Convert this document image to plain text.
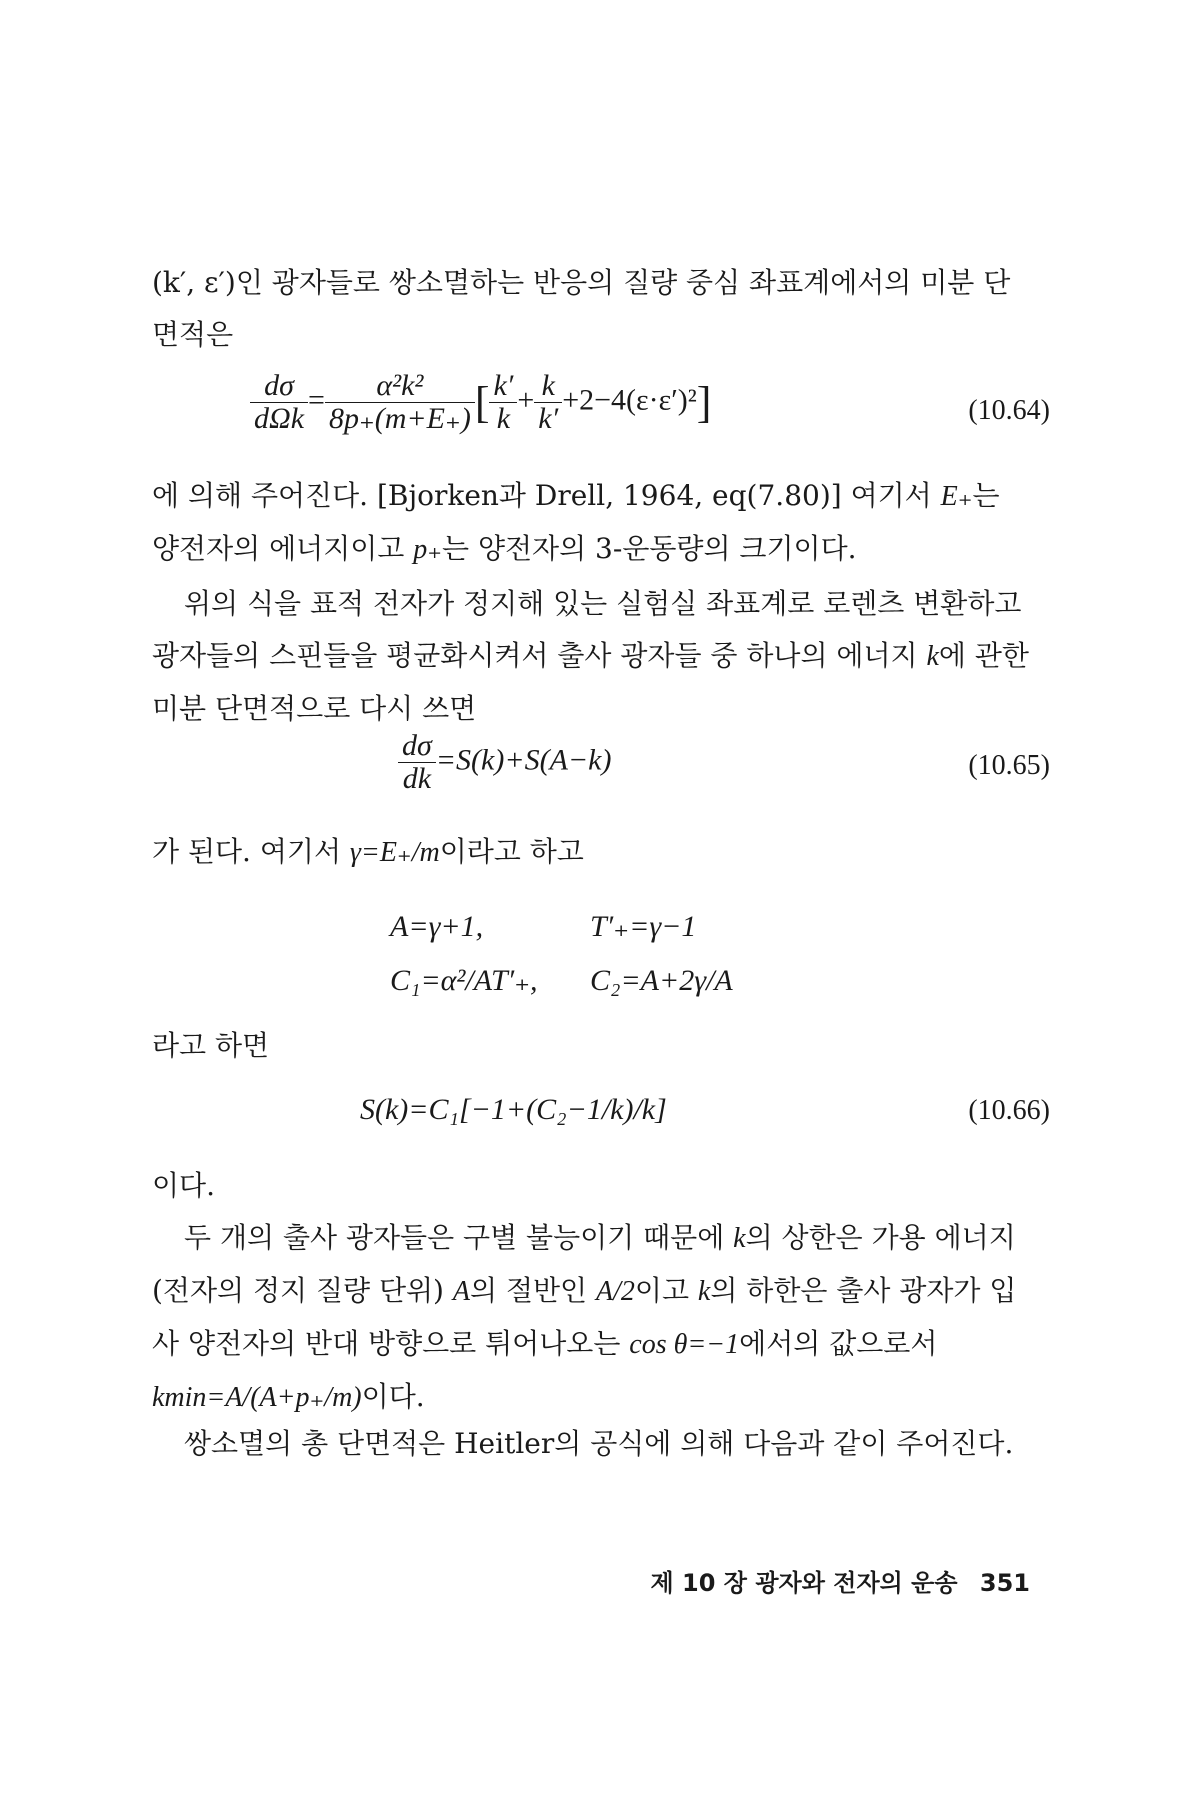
(k′, ε′)인 광자들로 쌍소멸하는 반응의 질량 중심 좌표계에서의 미분 단면적은

$\frac{d\sigma}{\text{dΩk}} = \frac{\text{α²k²}}{8p_+(m+E_+)}$ [ $\frac{k'}{k} + \frac{k}{k'} +2-4(\varepsilon\cdot\varepsilon')^2$]	(10.64)

에 의해 주어진다. [Bjorken과 Drell, 1964, eq(7.80)] 여기서 E₊는 양전자의 에너지이고 p₊는 양전자의 3-운동량의 크기이다.

위의 식을 표적 전자가 정지해 있는 실험실 좌표계로 로렌츠 변환하고 광자들의 스핀들을 평균화시켜서 출사 광자들 중 하나의 에너지 k에 관한 미분 단면적으로 다시 쓰면

$\frac{d\sigma}{dk} =S(k)+S(A-k)$	(10.65)

가 된다. 여기서 γ=E₊/m이라고 하고

A=γ+1,	T′₊=γ−1
C₁=α²/AT′₊, C₂=A+2γ/A

라고 하면

S(k)=C₁[−1+(C₂−1/k)/k]	(10.66)

이다.

두 개의 출사 광자들은 구별 불능이기 때문에 k의 상한은 가용 에너지(전자의 정지 질량 단위) A의 절반인 A/2이고 k의 하한은 출사 광자가 입사 양전자의 반대 방향으로 튀어나오는 cos θ=−1에서의 값으로서 kmin=A/(A+p₊/m)이다.

쌍소멸의 총 단면적은 Heitler의 공식에 의해 다음과 같이 주어진다.

제 10 장 광자와 전자의 운송 351
